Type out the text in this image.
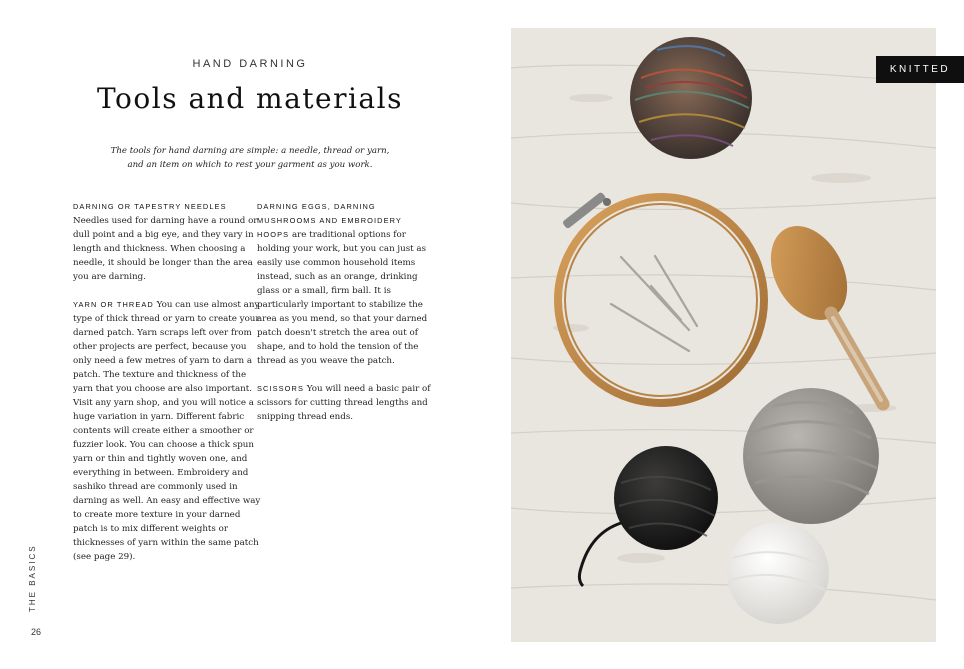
HAND DARNING
Tools and materials

The tools for hand darning are simple: a needle, thread or yarn,

and an item on which to rest your garment as you work.

DARNING OR TAPESTRY NEEDLES
Needles used for darning have a round or dull point and a big eye, and they vary in length and thickness. When choosing a needle, it should be longer than the area you are darning.

YARN OR THREAD You can use almost any type of thick thread or yarn to create your darned patch. Yarn scraps left over from other projects are perfect, because you only need a few metres of yarn to darn a patch. The texture and thickness of the yarn that you choose are also important. Visit any yarn shop, and you will notice a huge variation in yarn. Different fabric contents will create either a smoother or fuzzier look. You can choose a thick spun yarn or thin and tightly woven one, and everything in between. Embroidery and sashiko thread are commonly used in darning as well. An easy and effective way to create more texture in your darned patch is to mix different weights or thicknesses of yarn within the same patch (see page 29).

DARNING EGGS, DARNING MUSHROOMS AND EMBROIDERY HOOPS are traditional options for holding your work, but you can just as easily use common household items instead, such as an orange, drinking glass or a small, firm ball. It is particularly important to stabilize the area as you mend, so that your darned patch doesn't stretch the area out of shape, and to hold the tension of the thread as you weave the patch.

SCISSORS You will need a basic pair of scissors for cutting thread lengths and snipping thread ends.

THE BASICS
26
KNITTED
